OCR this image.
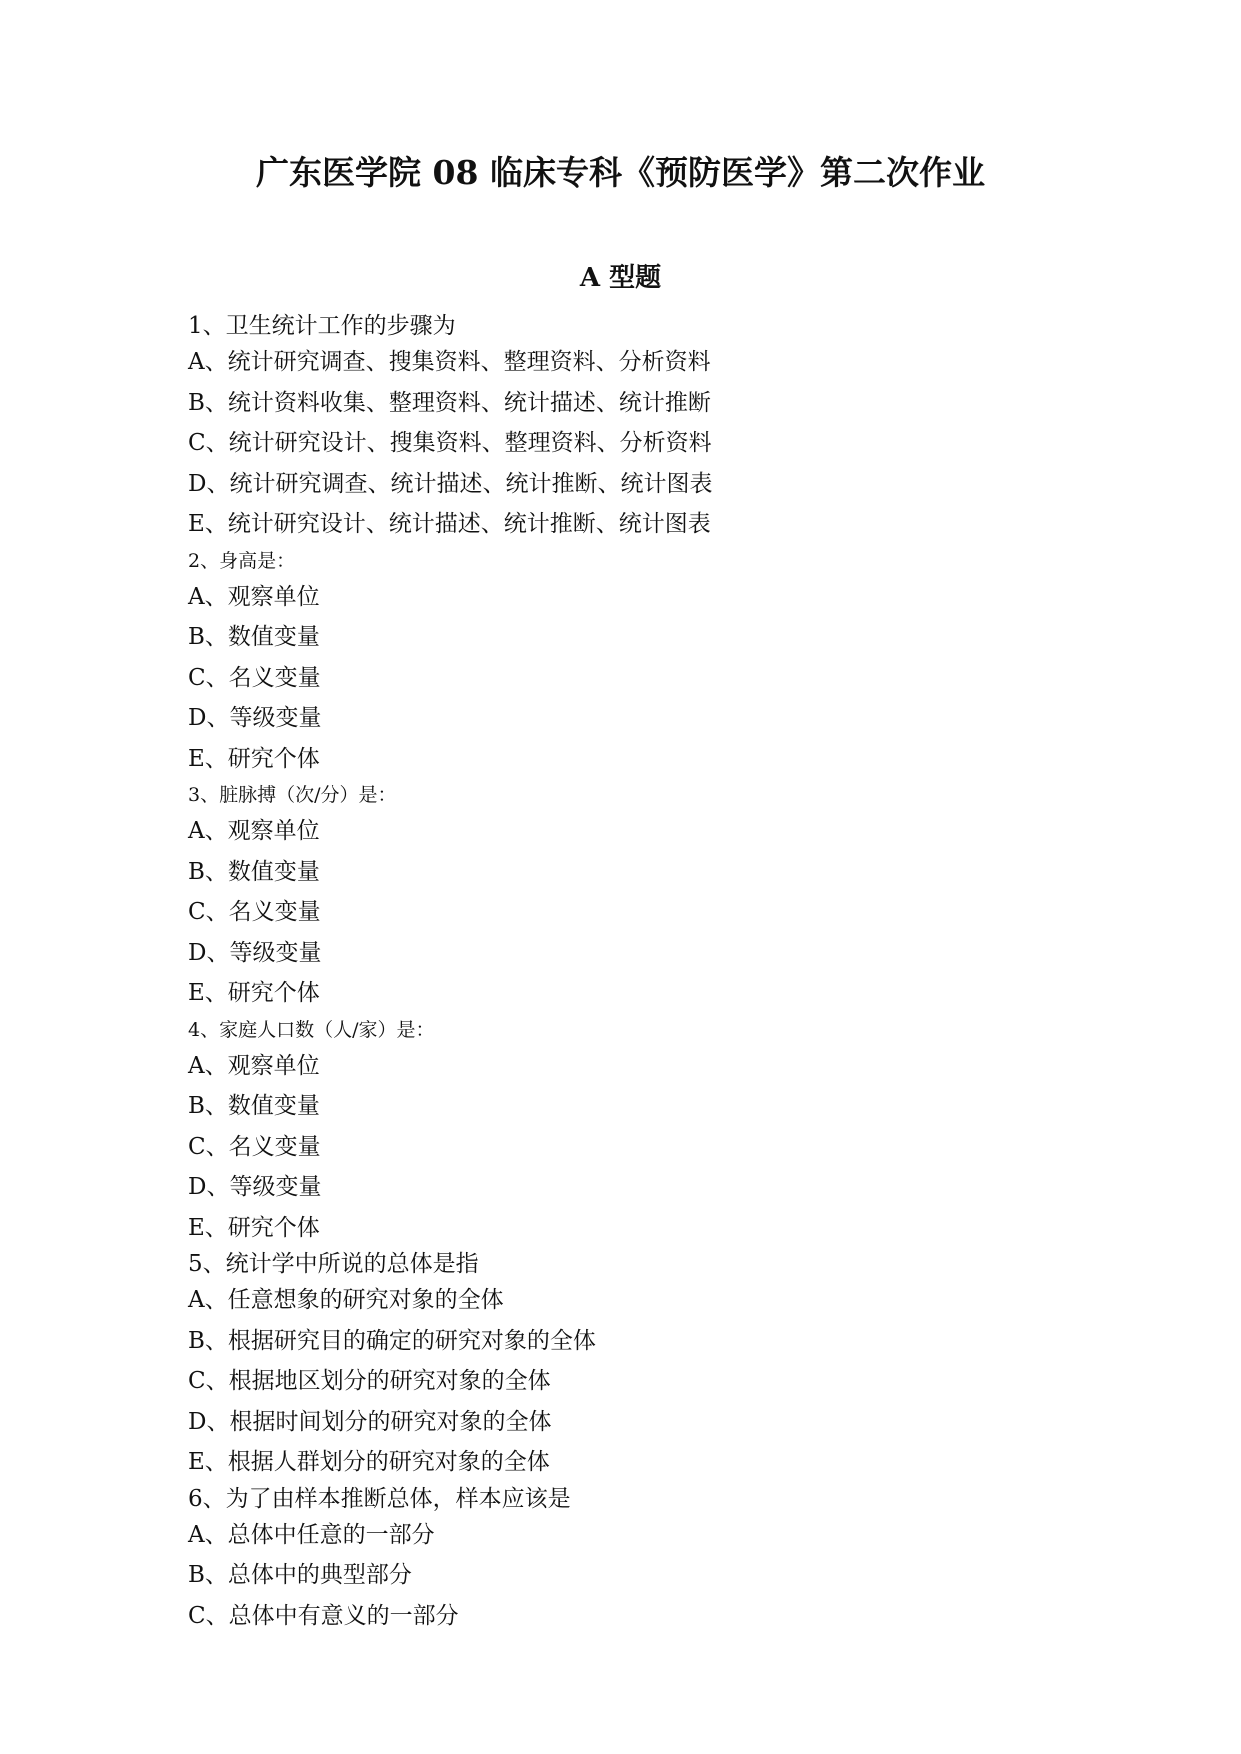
广东医学院 08 临床专科《预防医学》第二次作业
A 型题
1、卫生统计工作的步骤为
A、统计研究调查、搜集资料、整理资料、分析资料
B、统计资料收集、整理资料、统计描述、统计推断
C、统计研究设计、搜集资料、整理资料、分析资料
D、统计研究调查、统计描述、统计推断、统计图表
E、统计研究设计、统计描述、统计推断、统计图表
2、身高是：
A、观察单位
B、数值变量
C、名义变量
D、等级变量
E、研究个体
3、脏脉搏（次/分）是：
A、观察单位
B、数值变量
C、名义变量
D、等级变量
E、研究个体
4、家庭人口数（人/家）是：
A、观察单位
B、数值变量
C、名义变量
D、等级变量
E、研究个体
5、统计学中所说的总体是指
A、任意想象的研究对象的全体
B、根据研究目的确定的研究对象的全体
C、根据地区划分的研究对象的全体
D、根据时间划分的研究对象的全体
E、根据人群划分的研究对象的全体
6、为了由样本推断总体，样本应该是
A、总体中任意的一部分
B、总体中的典型部分
C、总体中有意义的一部分
